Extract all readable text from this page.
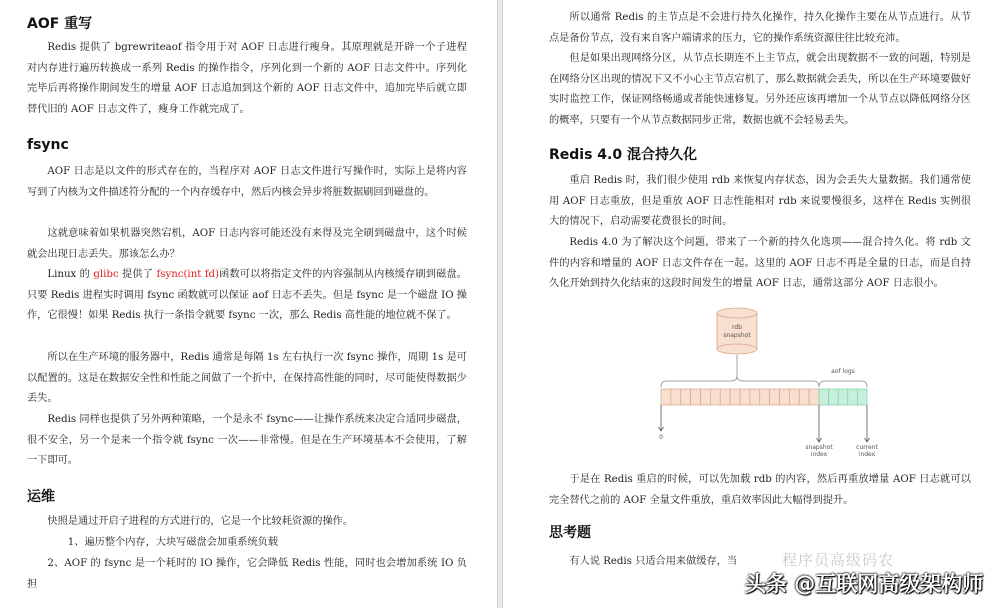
AOF 重写

Redis 提供了 bgrewriteaof 指令用于对 AOF 日志进行瘦身。其原理就是开辟一个子进程对内存进行遍历转换成一系列 Redis 的操作指令，序列化到一个新的 AOF 日志文件中。序列化完毕后再将操作期间发生的增量 AOF 日志追加到这个新的 AOF 日志文件中，追加完毕后就立即替代旧的 AOF 日志文件了，瘦身工作就完成了。

fsync

AOF 日志是以文件的形式存在的，当程序对 AOF 日志文件进行写操作时，实际上是将内容写到了内核为文件描述符分配的一个内存缓存中，然后内核会异步将脏数据刷回到磁盘的。

这就意味着如果机器突然宕机，AOF 日志内容可能还没有来得及完全刷到磁盘中，这个时候就会出现日志丢失。那该怎么办？

Linux 的 glibc 提供了 fsync(int fd)函数可以将指定文件的内容强制从内核缓存刷到磁盘。只要 Redis 进程实时调用 fsync 函数就可以保证 aof 日志不丢失。但是 fsync 是一个磁盘 IO 操作，它很慢！如果 Redis 执行一条指令就要 fsync 一次，那么 Redis 高性能的地位就不保了。

所以在生产环境的服务器中，Redis 通常是每隔 1s 左右执行一次 fsync 操作，周期 1s 是可以配置的。这是在数据安全性和性能之间做了一个折中，在保持高性能的同时，尽可能使得数据少丢失。

Redis 同样也提供了另外两种策略，一个是永不 fsync——让操作系统来决定合适同步磁盘，很不安全，另一个是来一个指令就 fsync 一次——非常慢。但是在生产环境基本不会使用，了解一下即可。

运维

快照是通过开启子进程的方式进行的，它是一个比较耗资源的操作。

1、遍历整个内存，大块写磁盘会加重系统负载

2、AOF 的 fsync 是一个耗时的 IO 操作，它会降低 Redis 性能，同时也会增加系统 IO 负担

所以通常 Redis 的主节点是不会进行持久化操作，持久化操作主要在从节点进行。从节点是备份节点，没有来自客户端请求的压力，它的操作系统资源往往比较充沛。

但是如果出现网络分区，从节点长期连不上主节点，就会出现数据不一致的问题，特别是在网络分区出现的情况下又不小心主节点宕机了，那么数据就会丢失，所以在生产环境要做好实时监控工作，保证网络畅通或者能快速修复。另外还应该再增加一个从节点以降低网络分区的概率，只要有一个从节点数据同步正常，数据也就不会轻易丢失。

Redis 4.0 混合持久化

重启 Redis 时，我们很少使用 rdb 来恢复内存状态，因为会丢失大量数据。我们通常使用 AOF 日志重放，但是重放 AOF 日志性能相对 rdb 来说要慢很多，这样在 Redis 实例很大的情况下，启动需要花费很长的时间。

Redis 4.0 为了解决这个问题，带来了一个新的持久化选项——混合持久化。将 rdb 文件的内容和增量的 AOF 日志文件存在一起。这里的 AOF 日志不再是全量的日志，而是自持久化开始到持久化结束的这段时间发生的增量 AOF 日志，通常这部分 AOF 日志很小。

rdb
snapshot
aof logs
0
snapshot
index
current
index

于是在 Redis 重启的时候，可以先加载 rdb 的内容，然后再重放增量 AOF 日志就可以完全替代之前的 AOF 全量文件重放，重启效率因此大幅得到提升。

思考题

有人说 Redis 只适合用来做缓存，当	程序员高级码农
头条 @互联网高级架构师
